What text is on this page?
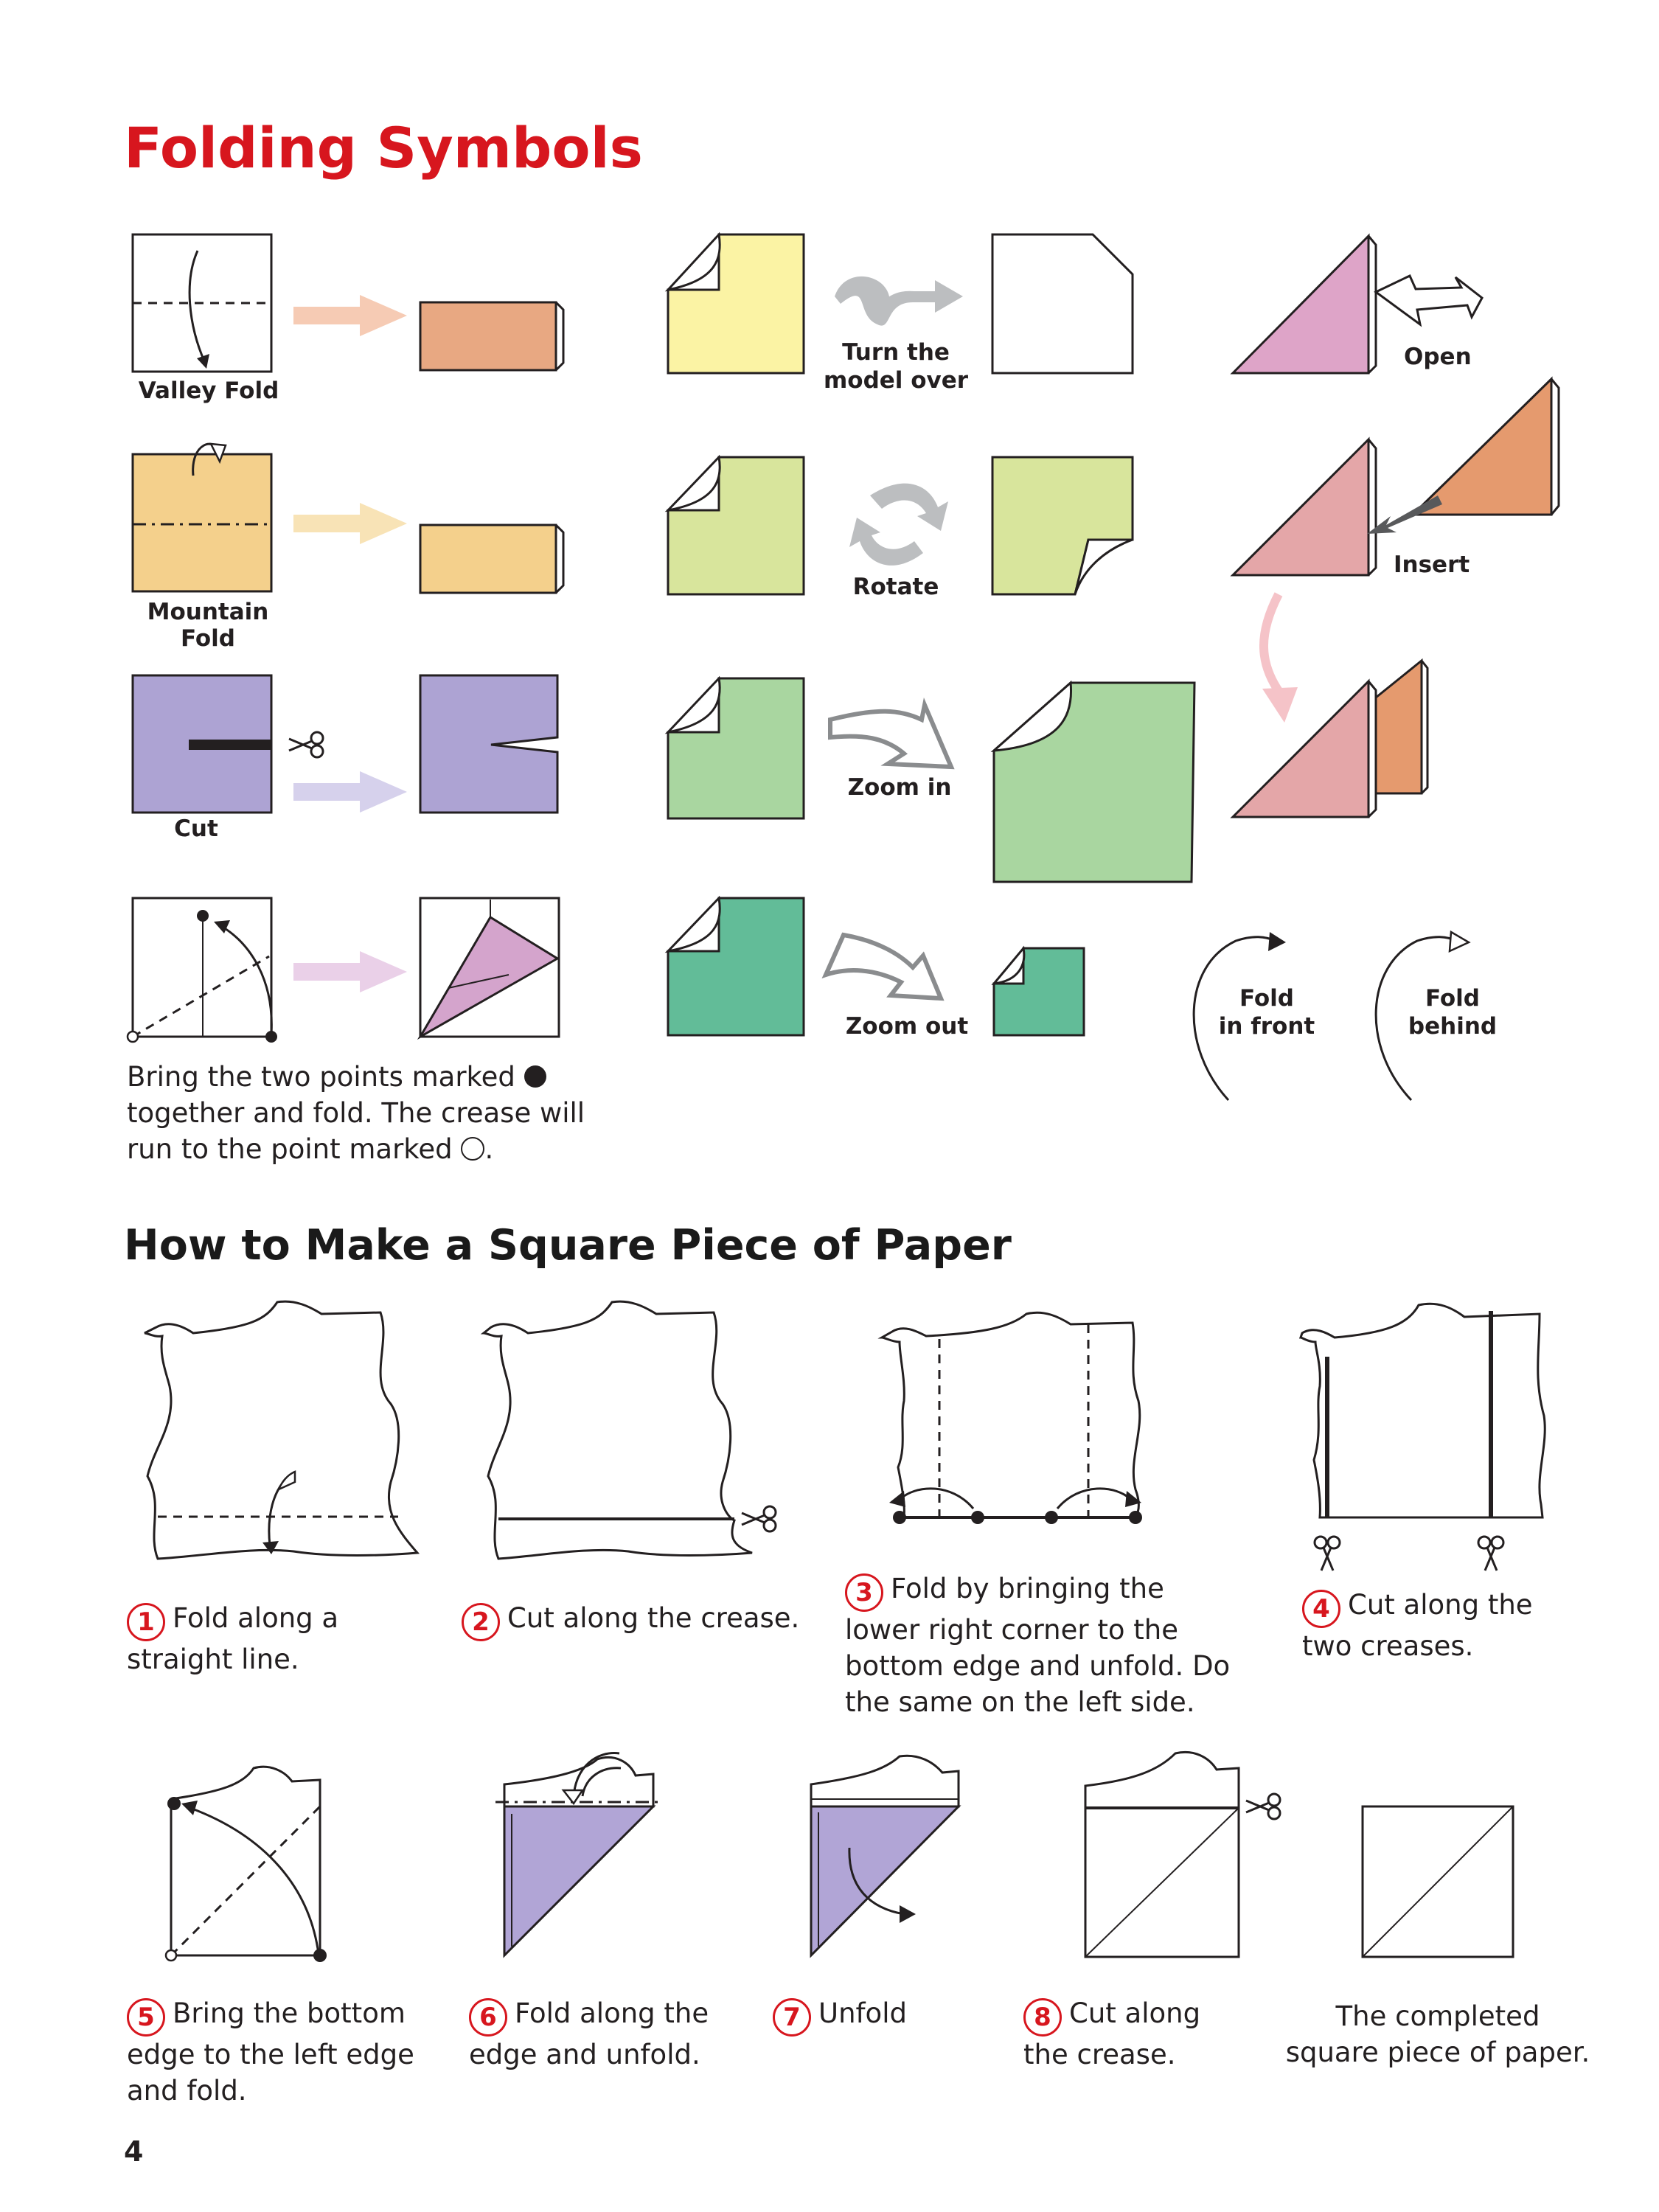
Folding Symbols
Valley Fold
Mountain Fold
Cut
Turn the
model over
Rotate
Zoom in
Zoom out
Open
Insert
Fold
in front
Fold
behind
Bring the two points marked
together and fold. The crease will
run to the point marked .
How to Make a Square Piece of Paper
1 Fold along a
straight line.
2 Cut along the crease.
3 Fold by bringing the
lower right corner to the
bottom edge and unfold. Do
the same on the left side.
4 Cut along the
two creases.
5 Bring the bottom
edge to the left edge
and fold.
6 Fold along the
edge and unfold.
7 Unfold	8 Cut along
the crease.
The completed
square piece of paper.
4
